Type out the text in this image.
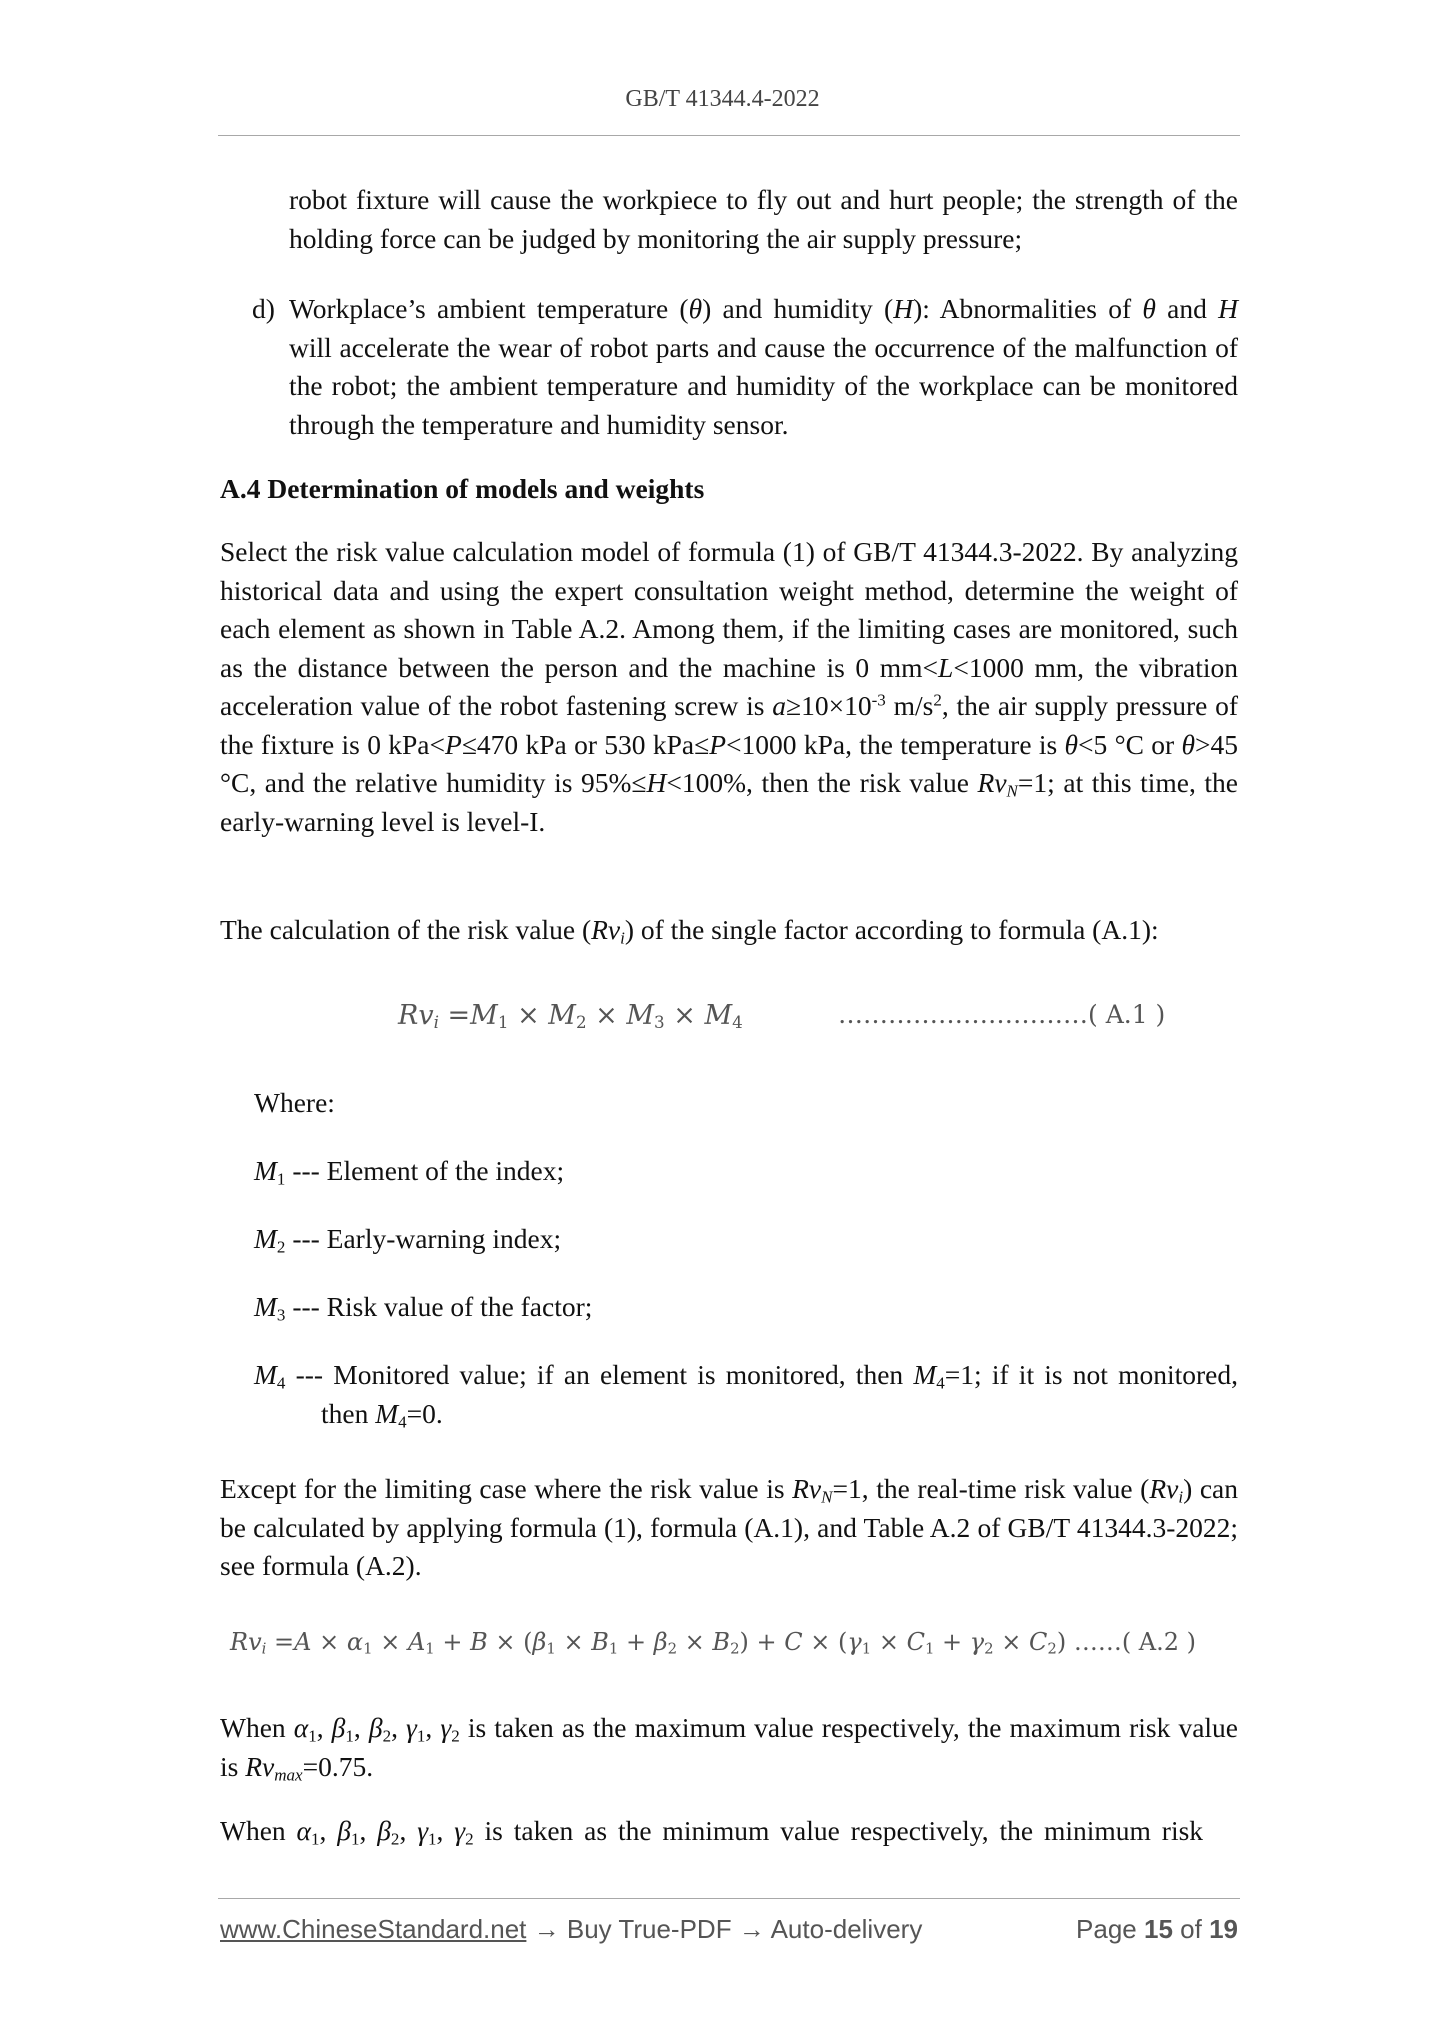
GB/T 41344.4-2022

robot fixture will cause the workpiece to fly out and hurt people; the strength of the holding force can be judged by monitoring the air supply pressure;

d) Workplace’s ambient temperature (θ) and humidity (H): Abnormalities of θ and H will accelerate the wear of robot parts and cause the occurrence of the malfunction of the robot; the ambient temperature and humidity of the workplace can be monitored through the temperature and humidity sensor.

A.4 Determination of models and weights

Select the risk value calculation model of formula (1) of GB/T 41344.3-2022. By analyzing historical data and using the expert consultation weight method, determine the weight of each element as shown in Table A.2. Among them, if the limiting cases are monitored, such as the distance between the person and the machine is 0 mm<L<1000 mm, the vibration acceleration value of the robot fastening screw is $a\ge 10\times 10^{-3}$ $m/s^2$, the air supply pressure of the fixture is 0 kPa<P≤470 kPa or 530 kPa≤P<1000 kPa, the temperature is θ<5 °C or θ>45 °C, and the relative humidity is 95%≤H<100%, then the risk value $Rv_N=1$; at this time, the early-warning level is level-I.

The calculation of the risk value $(Rv_i)$ of the single factor according to formula (A.1):

$Rv_i =M_1 \times M_2 \times M_3 \times M_4$	…………………………( A.1 )
Where:
$M_1$ --- Element of the index;
$M_2$ --- Early-warning index;
$M_3$ --- Risk value of the factor;
$M_4$ --- Monitored value; if an element is monitored, then $M_4=1$; if it is not monitored,
then $M_4=0$.

Except for the limiting case where the risk value is $Rv_N=1$, the real-time risk value $(Rv_i)$ can be calculated by applying formula (1), formula (A.1), and Table A.2 of GB/T 41344.3-2022; see formula (A.2).

$Rv_i =A \times \alpha_1 \times A_1 + B \times (\beta_1 \times B_1 + \beta_2 \times B_2) + C \times (\gamma_1 \times C_1 + \gamma_2 \times C_2)$ ……( A.2 )

When $\alpha_1$, $\beta_1$, $\beta_2$, $\gamma_1$, $\gamma_2$ is taken as the maximum value respectively, the maximum risk value is $Rv_{max}=0.75$.

When $\alpha_1$, $\beta_1$, $\beta_2$, $\gamma_1$, $\gamma_2$ is taken as the minimum value respectively, the minimum risk

www.ChineseStandard.net → Buy True-PDF → Auto-delivery	Page 15 of 19
